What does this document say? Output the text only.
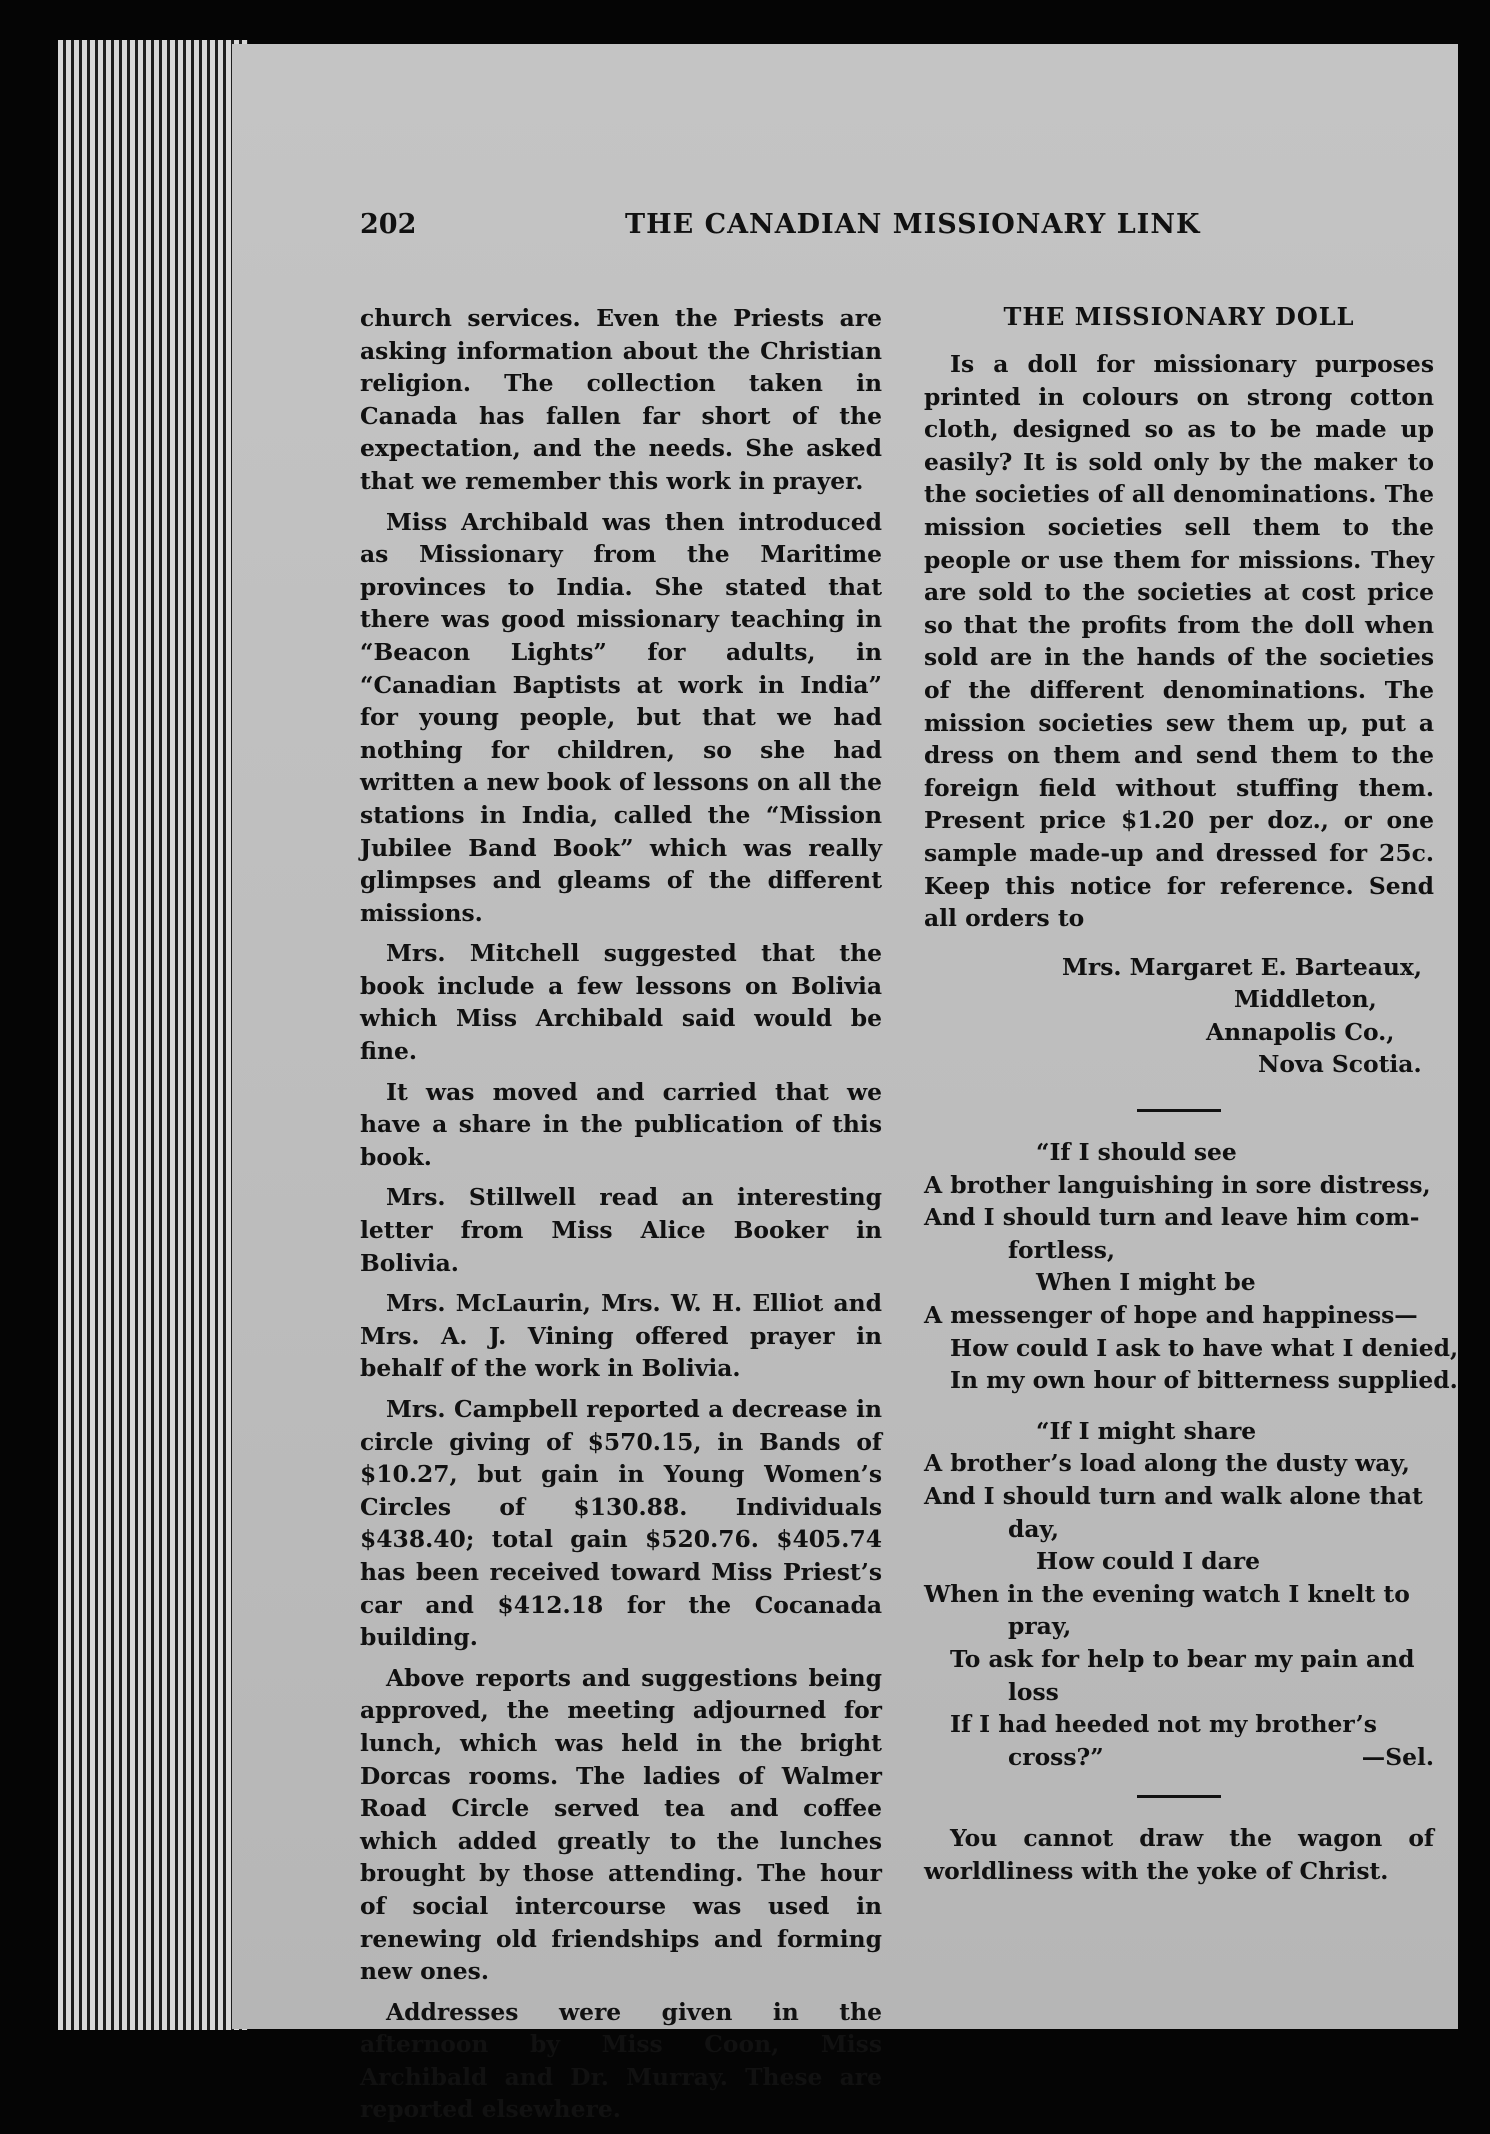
202	THE CANADIAN MISSIONARY LINK

church services. Even the Priests are asking information about the Christian religion. The collection taken in Canada has fallen far short of the expectation, and the needs. She asked that we remember this work in prayer.

Miss Archibald was then introduced as Missionary from the Maritime provinces to India. She stated that there was good missionary teaching in “Beacon Lights” for adults, in “Canadian Baptists at work in India” for young people, but that we had nothing for children, so she had written a new book of lessons on all the stations in India, called the “Mission Jubilee Band Book” which was really glimpses and gleams of the different missions.

Mrs. Mitchell suggested that the book include a few lessons on Bolivia which Miss Archibald said would be fine.

It was moved and carried that we have a share in the publication of this book.

Mrs. Stillwell read an interesting letter from Miss Alice Booker in Bolivia.

Mrs. McLaurin, Mrs. W. H. Elliot and Mrs. A. J. Vining offered prayer in behalf of the work in Bolivia.

Mrs. Campbell reported a decrease in circle giving of $570.15, in Bands of $10.27, but gain in Young Women’s Circles of $130.88. Individuals $438.40; total gain $520.76. $405.74 has been received toward Miss Priest’s car and $412.18 for the Cocanada building.

Above reports and suggestions being approved, the meeting adjourned for lunch, which was held in the bright Dorcas rooms. The ladies of Walmer Road Circle served tea and coffee which added greatly to the lunches brought by those attending. The hour of social intercourse was used in renewing old friendships and forming new ones.

Addresses were given in the afternoon by Miss Coon, Miss Archibald and Dr. Murray. These are reported elsewhere.

THE MISSIONARY DOLL

Is a doll for missionary purposes printed in colours on strong cotton cloth, designed so as to be made up easily? It is sold only by the maker to the societies of all denominations. The mission societies sell them to the people or use them for missions. They are sold to the societies at cost price so that the profits from the doll when sold are in the hands of the societies of the different denominations. The mission societies sew them up, put a dress on them and send them to the foreign field without stuffing them. Present price $1.20 per doz., or one sample made-up and dressed for 25c. Keep this notice for reference. Send all orders to

Mrs. Margaret E. Barteaux,
Middleton,
Annapolis Co.,
Nova Scotia.
“If I should see
A brother languishing in sore distress,
And I should turn and leave him com-
fortless,
When I might be
A messenger of hope and happiness—
How could I ask to have what I denied,
In my own hour of bitterness supplied.
“If I might share
A brother’s load along the dusty way,
And I should turn and walk alone that
day,
How could I dare
When in the evening watch I knelt to
pray,
To ask for help to bear my pain and
loss
If I had heeded not my brother’s
cross?”	—Sel.

You cannot draw the wagon of worldliness with the yoke of Christ.
